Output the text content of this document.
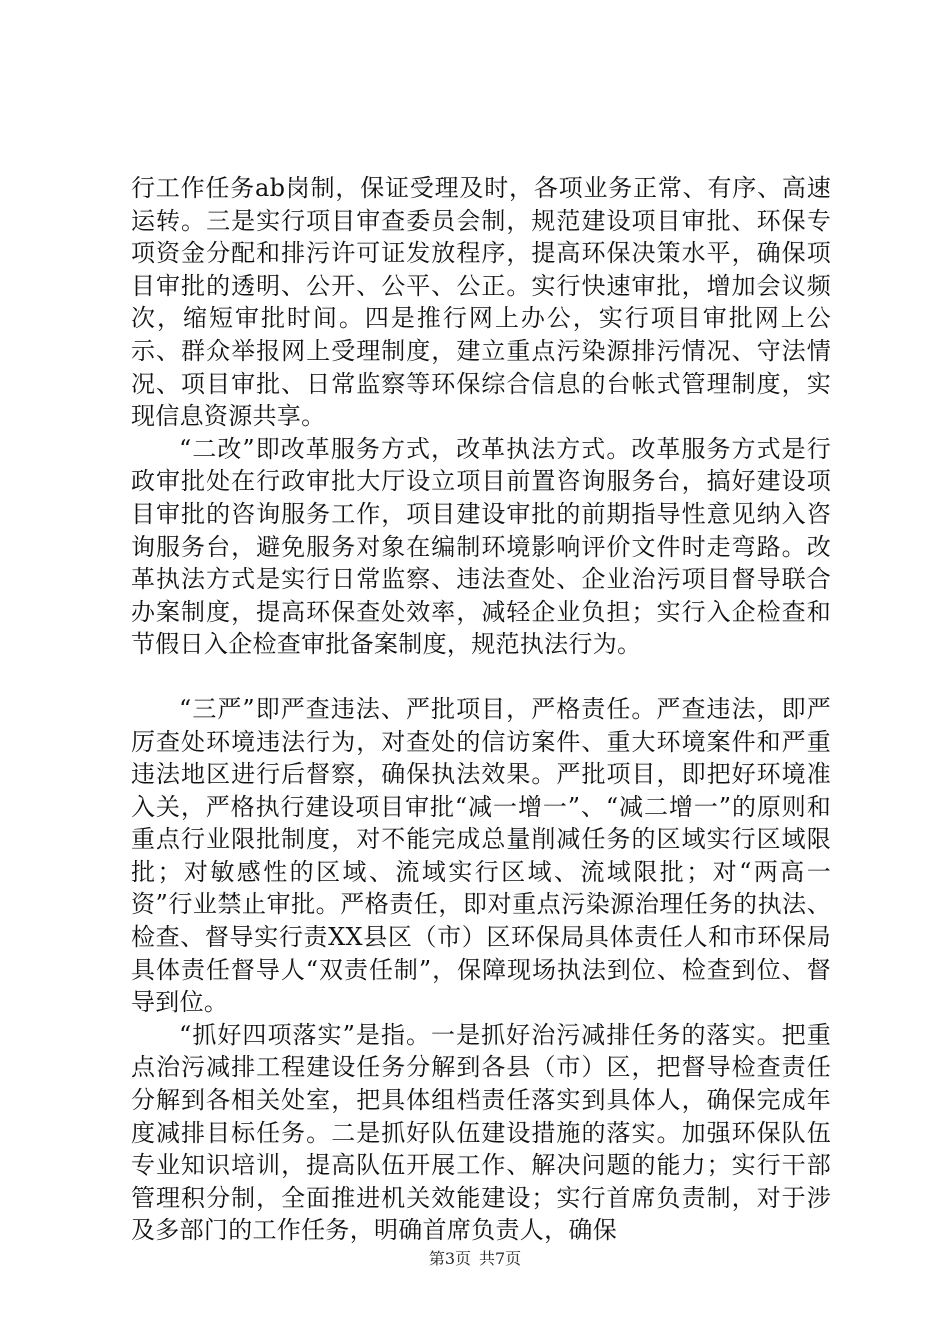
行工作任务ab岗制，保证受理及时，各项业务正常、有序、高速运转。三是实行项目审查委员会制，规范建设项目审批、环保专项资金分配和排污许可证发放程序，提高环保决策水平，确保项目审批的透明、公开、公平、公正。实行快速审批，增加会议频次，缩短审批时间。四是推行网上办公，实行项目审批网上公示、群众举报网上受理制度，建立重点污染源排污情况、守法情况、项目审批、日常监察等环保综合信息的台帐式管理制度，实现信息资源共享。

“二改”即改革服务方式，改革执法方式。改革服务方式是行政审批处在行政审批大厅设立项目前置咨询服务台，搞好建设项目审批的咨询服务工作，项目建设审批的前期指导性意见纳入咨询服务台，避免服务对象在编制环境影响评价文件时走弯路。改革执法方式是实行日常监察、违法查处、企业治污项目督导联合办案制度，提高环保查处效率，减轻企业负担；实行入企检查和节假日入企检查审批备案制度，规范执法行为。

“三严”即严查违法、严批项目，严格责任。严查违法，即严厉查处环境违法行为，对查处的信访案件、重大环境案件和严重违法地区进行后督察，确保执法效果。严批项目，即把好环境准入关，严格执行建设项目审批“减一增一”、“减二增一”的原则和重点行业限批制度，对不能完成总量削减任务的区域实行区域限批；对敏感性的区域、流域实行区域、流域限批；对“两高一资”行业禁止审批。严格责任，即对重点污染源治理任务的执法、检查、督导实行责XX县区（市）区环保局具体责任人和市环保局具体责任督导人“双责任制”，保障现场执法到位、检查到位、督导到位。

“抓好四项落实”是指。一是抓好治污减排任务的落实。把重点治污减排工程建设任务分解到各县（市）区，把督导检查责任分解到各相关处室，把具体组档责任落实到具体人，确保完成年度减排目标任务。二是抓好队伍建设措施的落实。加强环保队伍专业知识培训，提高队伍开展工作、解决问题的能力；实行干部管理积分制，全面推进机关效能建设；实行首席负责制，对于涉及多部门的工作任务，明确首席负责人，确保

第3页 共7页
